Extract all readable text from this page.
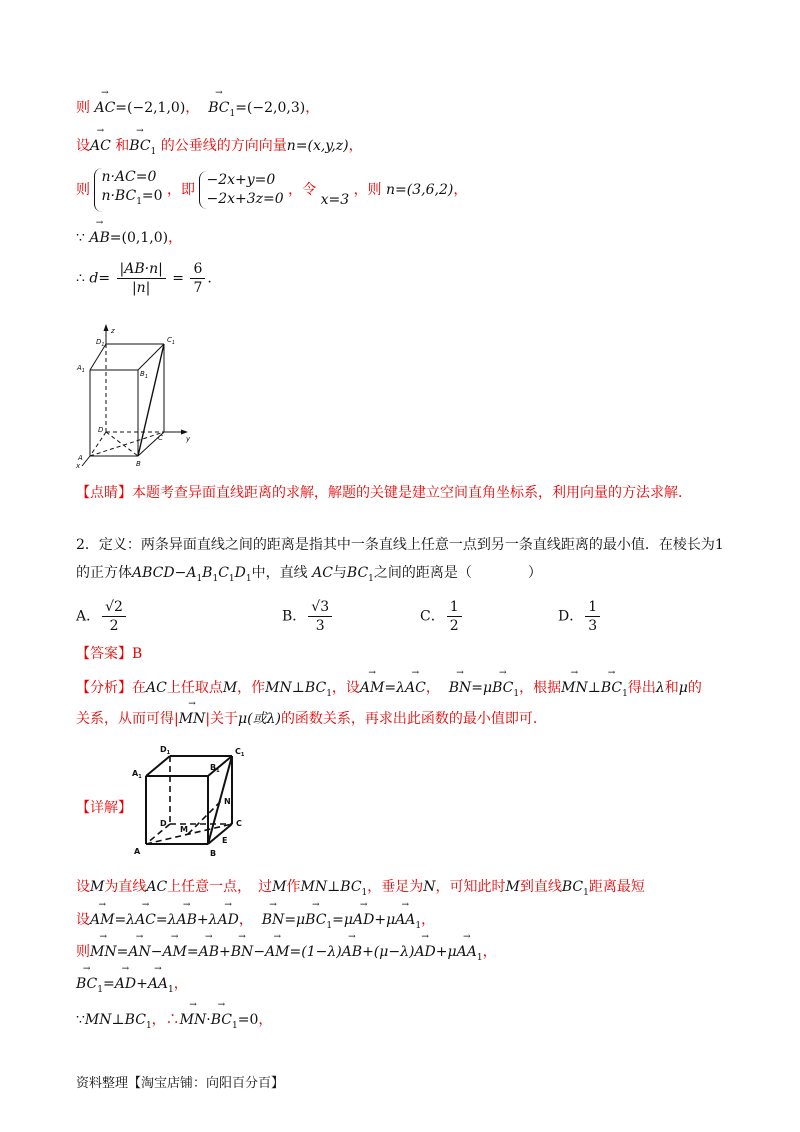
则 → AC=(−2,1,0)， → $BC_1=(-2,0,3)$，
设→ AC 和→ $BC_1$ 的公垂线的方向向量n=(x,y,z)，
则 n·AC=0
$n\cdot BC_1=0$ ，即 −2x+y=0
−2x+3z=0 ，令 x=3 ，则 n=(3,6,2)，
∵ → AB=(0,1,0)，
∴ $d= \frac{|AB\cdot n|}{|n|} = \frac{6}{7}$ .
z
y
x
$D_1$
$C_1$
$A_1$	$B_1$
D
C
A
B
【点睛】本题考查异面直线距离的求解，解题的关键是建立空间直角坐标系，利用向量的方法求解.
2．定义：两条异面直线之间的距离是指其中一条直线上任意一点到另一条直线距离的最小值．在棱长为1
的正方体$ABCD-A_1B_1C_1D_1$中，直线 AC与$BC_1$之间的距离是（　　　　）
A． $\frac{√2}{2}$	B． $\frac{√3}{3}$	C． $\frac{1}{2}$	D． $\frac{1}{3}$
【答案】B
【分析】在AC上任取点M，作$MN\perp BC_1$，设→ AM=λ→ AC， → $BN=\mu\to BC_1$，根据→ MN⊥→ $BC_1$得出λ和μ的
关系，从而可得|→ MN|关于μ(或λ)的函数关系，再求出此函数的最小值即可.
$D_1$	$C_1$
$A_1$
$B_1$
D	C
A	B
M
N
E
【详解】
设M为直线AC上任意一点，　过M作$MN\perp BC_1$，垂足为N，可知此时M到直线$BC_1$距离最短
设→ AM=λ→ AC=λ→ AB+λ→ AD， → $BN=\mu\to BC_1=\mu\to AD+\mu\to AA_1$，
则→ $MN=\to AN-\to AM=\to AB+\to BN-\to AM=(1-\lambda)\to AB+(\mu-\lambda)\to AD+\mu\to AA_1$，
→ $BC_1=\to AD+\to AA_1$，
$\because MN\perp BC_1$，∴→ $MN\cdot\to BC_1=0$，
资料整理【淘宝店铺：向阳百分百】
